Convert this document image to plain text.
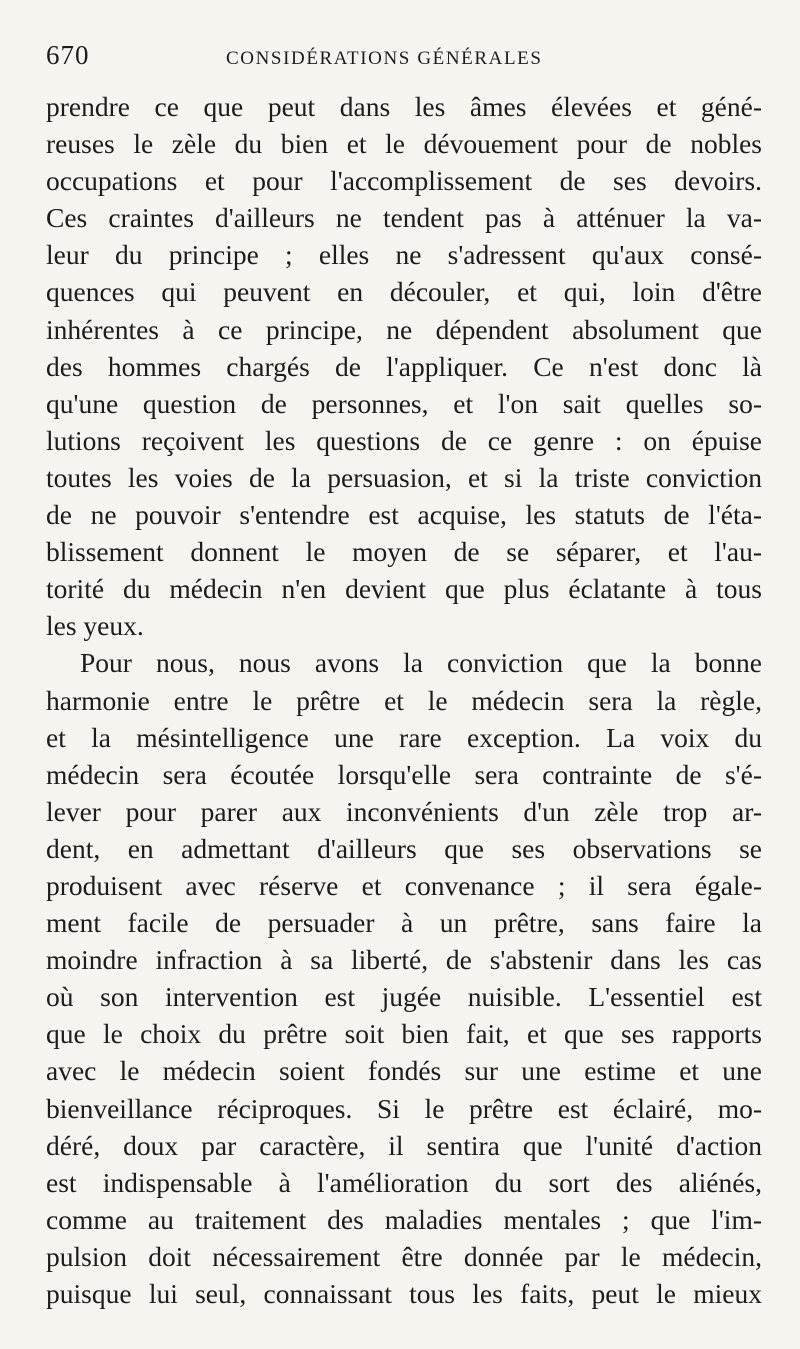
670	CONSIDÉRATIONS GÉNÉRALES
prendre ce que peut dans les âmes élevées et géné-
reuses le zèle du bien et le dévouement pour de nobles
occupations et pour l'accomplissement de ses devoirs.
Ces craintes d'ailleurs ne tendent pas à atténuer la va-
leur du principe ; elles ne s'adressent qu'aux consé-
quences qui peuvent en découler, et qui, loin d'être
inhérentes à ce principe, ne dépendent absolument que
des hommes chargés de l'appliquer. Ce n'est donc là
qu'une question de personnes, et l'on sait quelles so-
lutions reçoivent les questions de ce genre : on épuise
toutes les voies de la persuasion, et si la triste conviction
de ne pouvoir s'entendre est acquise, les statuts de l'éta-
blissement donnent le moyen de se séparer, et l'au-
torité du médecin n'en devient que plus éclatante à tous
les yeux.
Pour nous, nous avons la conviction que la bonne
harmonie entre le prêtre et le médecin sera la règle,
et la mésintelligence une rare exception. La voix du
médecin sera écoutée lorsqu'elle sera contrainte de s'é-
lever pour parer aux inconvénients d'un zèle trop ar-
dent, en admettant d'ailleurs que ses observations se
produisent avec réserve et convenance ; il sera égale-
ment facile de persuader à un prêtre, sans faire la
moindre infraction à sa liberté, de s'abstenir dans les cas
où son intervention est jugée nuisible. L'essentiel est
que le choix du prêtre soit bien fait, et que ses rapports
avec le médecin soient fondés sur une estime et une
bienveillance réciproques. Si le prêtre est éclairé, mo-
déré, doux par caractère, il sentira que l'unité d'action
est indispensable à l'amélioration du sort des aliénés,
comme au traitement des maladies mentales ; que l'im-
pulsion doit nécessairement être donnée par le médecin,
puisque lui seul, connaissant tous les faits, peut le mieux
